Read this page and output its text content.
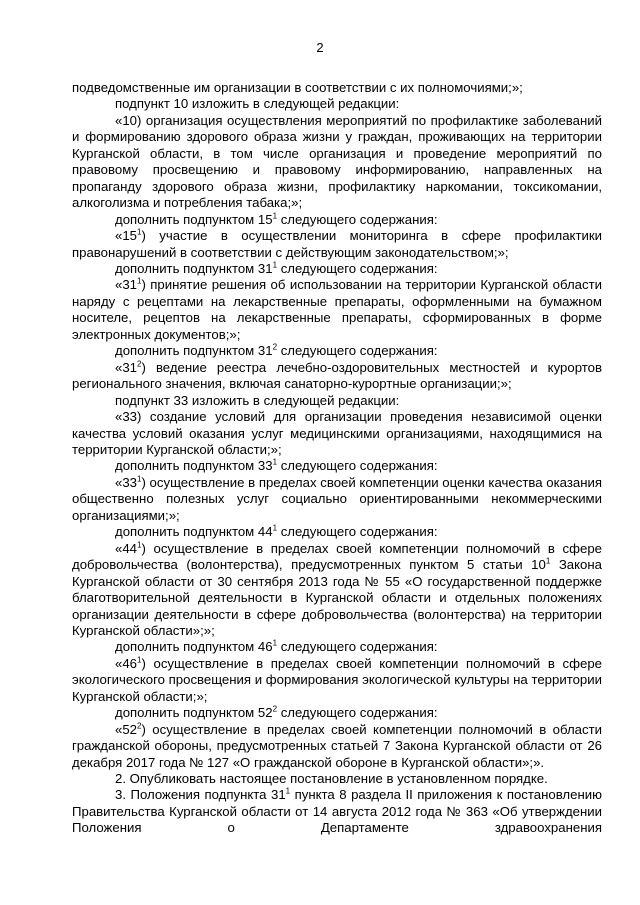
2

подведомственные им организации в соответствии с их полномочиями;»;

подпункт 10 изложить в следующей редакции:

«10) организация осуществления мероприятий по профилактике заболеваний и формированию здорового образа жизни у граждан, проживающих на территории Курганской области, в том числе организация и проведение мероприятий по правовому просвещению и правовому информированию, направленных на пропаганду здорового образа жизни, профилактику наркомании, токсикомании, алкоголизма и потребления табака;»;

дополнить подпунктом $15^1$ следующего содержания:

«$15^1$) участие в осуществлении мониторинга в сфере профилактики правонарушений в соответствии с действующим законодательством;»;

дополнить подпунктом $31^1$ следующего содержания:

«$31^1$) принятие решения об использовании на территории Курганской области наряду с рецептами на лекарственные препараты, оформленными на бумажном носителе, рецептов на лекарственные препараты, сформированных в форме электронных документов;»;

дополнить подпунктом $31^2$ следующего содержания:

«$31^2$) ведение реестра лечебно-оздоровительных местностей и курортов регионального значения, включая санаторно-курортные организации;»;

подпункт 33 изложить в следующей редакции:

«33) создание условий для организации проведения независимой оценки качества условий оказания услуг медицинскими организациями, находящимися на территории Курганской области;»;

дополнить подпунктом $33^1$ следующего содержания:

«$33^1$) осуществление в пределах своей компетенции оценки качества оказания общественно полезных услуг социально ориентированными некоммерческими организациями;»;

дополнить подпунктом $44^1$ следующего содержания:

«$44^1$) осуществление в пределах своей компетенции полномочий в сфере добровольчества (волонтерства), предусмотренных пунктом 5 статьи $10^1$ Закона Курганской области от 30 сентября 2013 года № 55 «О государственной поддержке благотворительной деятельности в Курганской области и отдельных положениях организации деятельности в сфере добровольчества (волонтерства) на территории Курганской области»;»;

дополнить подпунктом $46^1$ следующего содержания:

«$46^1$) осуществление в пределах своей компетенции полномочий в сфере экологического просвещения и формирования экологической культуры на территории Курганской области;»;

дополнить подпунктом $52^2$ следующего содержания:

«$52^2$) осуществление в пределах своей компетенции полномочий в области гражданской обороны, предусмотренных статьей 7 Закона Курганской области от 26 декабря 2017 года № 127 «О гражданской обороне в Курганской области»;».

2. Опубликовать настоящее постановление в установленном порядке.

3. Положения подпункта $31^1$ пункта 8 раздела II приложения к постановлению Правительства Курганской области от 14 августа 2012 года № 363 «Об утверждении Положения о Департаменте здравоохранения
